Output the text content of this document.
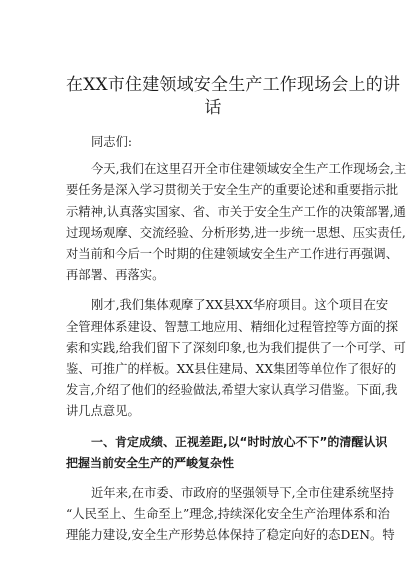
在XX市住建领域安全生产工作现场会上的讲
话
同志们:
今天,我们在这里召开全市住建领域安全生产工作现场会,主
要任务是深入学习贯彻关于安全生产的重要论述和重要指示批
示精神,认真落实国家、省、市关于安全生产工作的决策部署,通
过现场观摩、交流经验、分析形势,进一步统一思想、压实责任,
对当前和今后一个时期的住建领域安全生产工作进行再强调、
再部署、再落实。
刚才,我们集体观摩了XX县XX华府项目。这个项目在安
全管理体系建设、智慧工地应用、精细化过程管控等方面的探
索和实践,给我们留下了深刻印象,也为我们提供了一个可学、可
鉴、可推广的样板。XX县住建局、XX集团等单位作了很好的
发言,介绍了他们的经验做法,希望大家认真学习借鉴。下面,我
讲几点意见。
一、肯定成绩、正视差距,以“时时放心不下”的清醒认识
把握当前安全生产的严峻复杂性
近年来,在市委、市政府的坚强领导下,全市住建系统坚持
“人民至上、生命至上”理念,持续深化安全生产治理体系和治
理能力建设,安全生产形势总体保持了稳定向好的态DEN。特
